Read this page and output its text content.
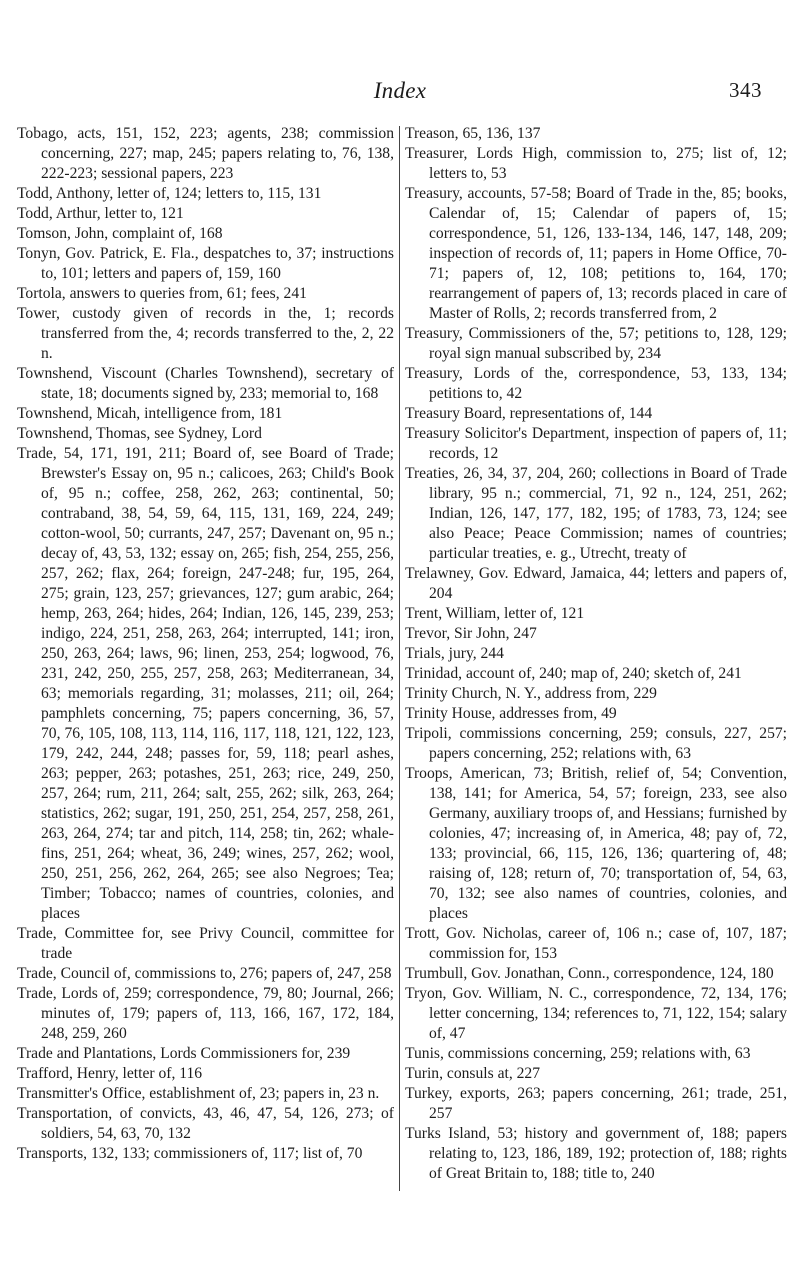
Index	343

Tobago, acts, 151, 152, 223; agents, 238; commission concerning, 227; map, 245; papers relating to, 76, 138, 222-223; sessional papers, 223

Todd, Anthony, letter of, 124; letters to, 115, 131

Todd, Arthur, letter to, 121

Tomson, John, complaint of, 168

Tonyn, Gov. Patrick, E. Fla., despatches to, 37; instructions to, 101; letters and papers of, 159, 160

Tortola, answers to queries from, 61; fees, 241

Tower, custody given of records in the, 1; records transferred from the, 4; records transferred to the, 2, 22 n.

Townshend, Viscount (Charles Townshend), secretary of state, 18; documents signed by, 233; memorial to, 168

Townshend, Micah, intelligence from, 181

Townshend, Thomas, see Sydney, Lord

Trade, 54, 171, 191, 211; Board of, see Board of Trade; Brewster's Essay on, 95 n.; calicoes, 263; Child's Book of, 95 n.; coffee, 258, 262, 263; continental, 50; contraband, 38, 54, 59, 64, 115, 131, 169, 224, 249; cotton-wool, 50; currants, 247, 257; Davenant on, 95 n.; decay of, 43, 53, 132; essay on, 265; fish, 254, 255, 256, 257, 262; flax, 264; foreign, 247-248; fur, 195, 264, 275; grain, 123, 257; grievances, 127; gum arabic, 264; hemp, 263, 264; hides, 264; Indian, 126, 145, 239, 253; indigo, 224, 251, 258, 263, 264; interrupted, 141; iron, 250, 263, 264; laws, 96; linen, 253, 254; logwood, 76, 231, 242, 250, 255, 257, 258, 263; Mediterranean, 34, 63; memorials regarding, 31; molasses, 211; oil, 264; pamphlets concerning, 75; papers concerning, 36, 57, 70, 76, 105, 108, 113, 114, 116, 117, 118, 121, 122, 123, 179, 242, 244, 248; passes for, 59, 118; pearl ashes, 263; pepper, 263; potashes, 251, 263; rice, 249, 250, 257, 264; rum, 211, 264; salt, 255, 262; silk, 263, 264; statistics, 262; sugar, 191, 250, 251, 254, 257, 258, 261, 263, 264, 274; tar and pitch, 114, 258; tin, 262; whale-fins, 251, 264; wheat, 36, 249; wines, 257, 262; wool, 250, 251, 256, 262, 264, 265; see also Negroes; Tea; Timber; Tobacco; names of countries, colonies, and places

Trade, Committee for, see Privy Council, committee for trade

Trade, Council of, commissions to, 276; papers of, 247, 258

Trade, Lords of, 259; correspondence, 79, 80; Journal, 266; minutes of, 179; papers of, 113, 166, 167, 172, 184, 248, 259, 260

Trade and Plantations, Lords Commissioners for, 239

Trafford, Henry, letter of, 116

Transmitter's Office, establishment of, 23; papers in, 23 n.

Transportation, of convicts, 43, 46, 47, 54, 126, 273; of soldiers, 54, 63, 70, 132

Transports, 132, 133; commissioners of, 117; list of, 70

Treason, 65, 136, 137

Treasurer, Lords High, commission to, 275; list of, 12; letters to, 53

Treasury, accounts, 57-58; Board of Trade in the, 85; books, Calendar of, 15; Calendar of papers of, 15; correspondence, 51, 126, 133-134, 146, 147, 148, 209; inspection of records of, 11; papers in Home Office, 70-71; papers of, 12, 108; petitions to, 164, 170; rearrangement of papers of, 13; records placed in care of Master of Rolls, 2; records transferred from, 2

Treasury, Commissioners of the, 57; petitions to, 128, 129; royal sign manual subscribed by, 234

Treasury, Lords of the, correspondence, 53, 133, 134; petitions to, 42

Treasury Board, representations of, 144

Treasury Solicitor's Department, inspection of papers of, 11; records, 12

Treaties, 26, 34, 37, 204, 260; collections in Board of Trade library, 95 n.; commercial, 71, 92 n., 124, 251, 262; Indian, 126, 147, 177, 182, 195; of 1783, 73, 124; see also Peace; Peace Commission; names of countries; particular treaties, e. g., Utrecht, treaty of

Trelawney, Gov. Edward, Jamaica, 44; letters and papers of, 204

Trent, William, letter of, 121

Trevor, Sir John, 247

Trials, jury, 244

Trinidad, account of, 240; map of, 240; sketch of, 241

Trinity Church, N. Y., address from, 229

Trinity House, addresses from, 49

Tripoli, commissions concerning, 259; consuls, 227, 257; papers concerning, 252; relations with, 63

Troops, American, 73; British, relief of, 54; Convention, 138, 141; for America, 54, 57; foreign, 233, see also Germany, auxiliary troops of, and Hessians; furnished by colonies, 47; increasing of, in America, 48; pay of, 72, 133; provincial, 66, 115, 126, 136; quartering of, 48; raising of, 128; return of, 70; transportation of, 54, 63, 70, 132; see also names of countries, colonies, and places

Trott, Gov. Nicholas, career of, 106 n.; case of, 107, 187; commission for, 153

Trumbull, Gov. Jonathan, Conn., correspondence, 124, 180

Tryon, Gov. William, N. C., correspondence, 72, 134, 176; letter concerning, 134; references to, 71, 122, 154; salary of, 47

Tunis, commissions concerning, 259; relations with, 63

Turin, consuls at, 227

Turkey, exports, 263; papers concerning, 261; trade, 251, 257

Turks Island, 53; history and government of, 188; papers relating to, 123, 186, 189, 192; protection of, 188; rights of Great Britain to, 188; title to, 240
